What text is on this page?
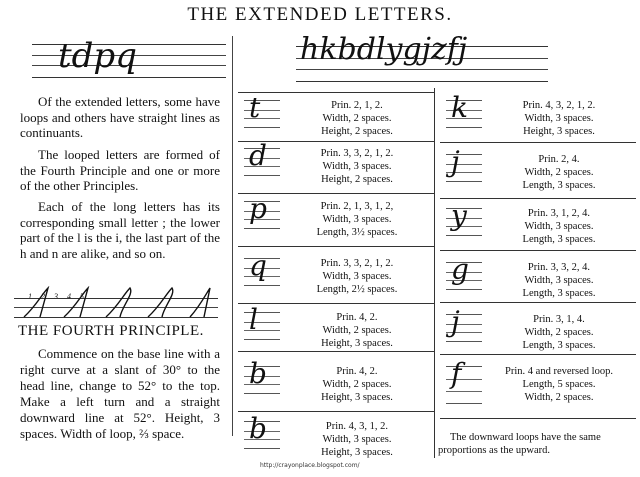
THE EXTENDED LETTERS.
tdpq	hkbdlygjzfj
Of the extended letters, some have loops and others have straight lines as continuants.
The looped letters are formed of the Fourth Principle and one or more of the other Principles.
Each of the long letters has its corresponding small letter ; the lower part of the l is the i, the last part of the h and n are alike, and so on.
1 2 3 4 5
THE FOURTH PRINCIPLE.
Commence on the base line with a right curve at a slant of 30° to the head line, change to 52° to the top. Make a left turn and a straight downward line at 52°. Height, 3 spaces. Width of loop, ⅔ space.
t	Prin. 2, 1, 2.
Width, 2 spaces.
Height, 2 spaces.
d	Prin. 3, 3, 2, 1, 2.
Width, 3 spaces.
Height, 2 spaces.
p	Prin. 2, 1, 3, 1, 2,
Width, 3 spaces.
Length, 3½ spaces.
q	Prin. 3, 3, 2, 1, 2.
Width, 3 spaces.
Length, 2½ spaces.
l	Prin. 4, 2.
Width, 2 spaces.
Height, 3 spaces.
b	Prin. 4, 2.
Width, 2 spaces.
Height, 3 spaces.
b	Prin. 4, 3, 1, 2.
Width, 3 spaces.
Height, 3 spaces.
k	Prin. 4, 3, 2, 1, 2.
Width, 3 spaces.
Height, 3 spaces.
j	Prin. 2, 4.
Width, 2 spaces.
Length, 3 spaces.
y	Prin. 3, 1, 2, 4.
Width, 3 spaces.
Length, 3 spaces.
g	Prin. 3, 3, 2, 4.
Width, 3 spaces.
Length, 3 spaces.
j	Prin. 3, 1, 4.
Width, 2 spaces.
Length, 3 spaces.
f	Prin. 4 and reversed loop.
Length, 5 spaces.
Width, 2 spaces.
The downward loops have the same proportions as the upward.
http://crayonplace.blogspot.com/
